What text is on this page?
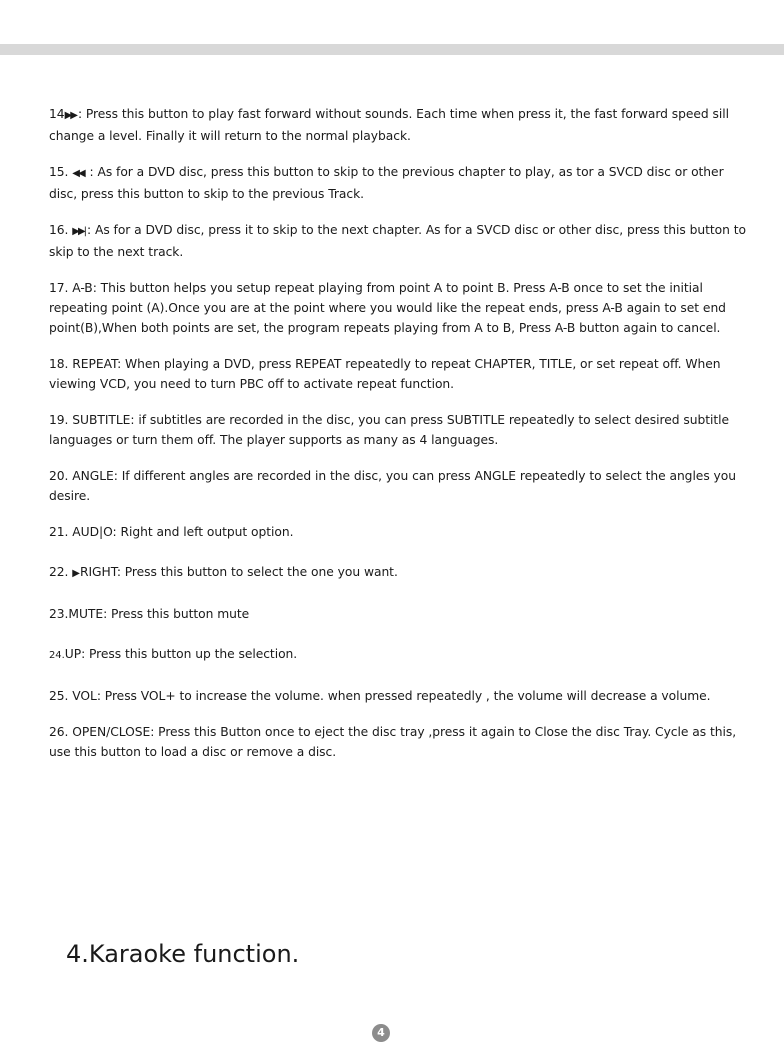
14▶▶ : Press this button to play fast forward without sounds. Each time when press it, the fast forward speed sill change a level. Finally it will return to the normal playback.

15. ◀◀ : As for a DVD disc, press this button to skip to the previous chapter to play, as tor a SVCD disc or other disc, press this button to skip to the previous Track.

16. ▶▶| : As for a DVD disc, press it to skip to the next chapter. As for a SVCD disc or other disc, press this button to skip to the next track.

17. A-B: This button helps you setup repeat playing from point A to point B. Press A-B once to set the initial repeating point (A).Once you are at the point where you would like the repeat ends, press A-B again to set end point(B),When both points are set, the program repeats playing from A to B, Press A-B button again to cancel.

18. REPEAT: When playing a DVD, press REPEAT repeatedly to repeat CHAPTER, TITLE, or set repeat off. When viewing VCD, you need to turn PBC off to activate repeat function.

19. SUBTITLE: if subtitles are recorded in the disc, you can press SUBTITLE repeatedly to select desired subtitle languages or turn them off. The player supports as many as 4 languages.

20. ANGLE: If different angles are recorded in the disc, you can press ANGLE repeatedly to select the angles you desire.

21. AUD|O: Right and left output option.

22. ▶ RIGHT: Press this button to select the one you want.

23.MUTE: Press this button mute

24.UP: Press this button up the selection.

25. VOL: Press VOL+ to increase the volume. when pressed repeatedly , the volume will decrease a volume.

26. OPEN/CLOSE: Press this Button once to eject the disc tray ,press it again to Close the disc Tray. Cycle as this, use this button to load a disc or remove a disc.

4.Karaoke function.
4
